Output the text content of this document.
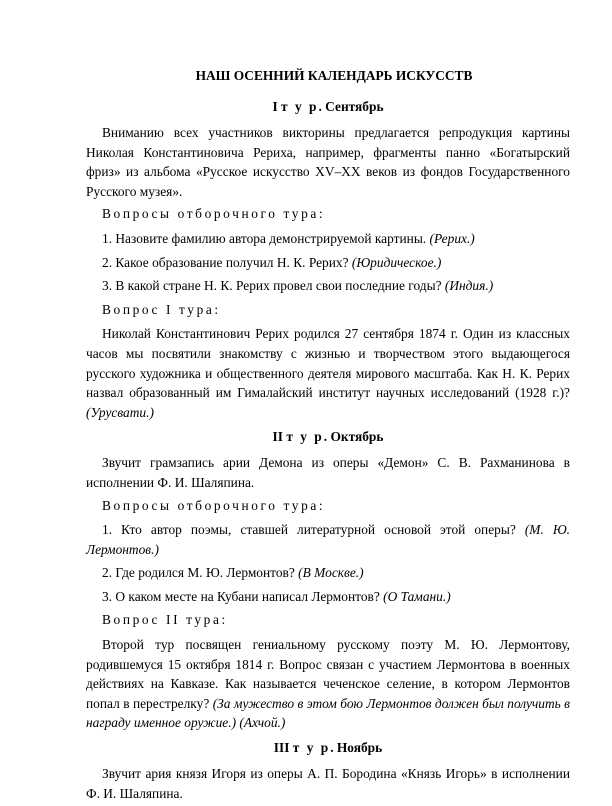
НАШ ОСЕННИЙ КАЛЕНДАРЬ ИСКУССТВ

I т у р. Сентябрь

Вниманию всех участников викторины предлагается репродукция картины Николая Константиновича Рериха, например, фрагменты панно «Богатырский фриз» из альбома «Русское искусство XV–XX веков из фондов Государственного Русского музея».

Вопросы отборочного тура:

1. Назовите фамилию автора демонстрируемой картины. (Рерих.)

2. Какое образование получил Н. К. Рерих? (Юридическое.)

3. В какой стране Н. К. Рерих провел свои последние годы? (Индия.)

Вопрос I тура:

Николай Константинович Рерих родился 27 сентября 1874 г. Один из классных часов мы посвятили знакомству с жизнью и творчеством этого выдающегося русского художника и общественного деятеля мирового масштаба. Как Н. К. Рерих назвал образованный им Гималайский институт научных исследований (1928 г.)? (Урусвати.)

II т у р. Октябрь

Звучит грамзапись арии Демона из оперы «Демон» С. В. Рахманинова в исполнении Ф. И. Шаляпина.

Вопросы отборочного тура:

1. Кто автор поэмы, ставшей литературной основой этой оперы? (М. Ю. Лермонтов.)

2. Где родился М. Ю. Лермонтов? (В Москве.)

3. О каком месте на Кубани написал Лермонтов? (О Тамани.)

Вопрос II тура:

Второй тур посвящен гениальному русскому поэту М. Ю. Лермонтову, родившемуся 15 октября 1814 г. Вопрос связан с участием Лермонтова в военных действиях на Кавказе. Как называется чеченское селение, в котором Лермонтов попал в перестрелку? (За мужество в этом бою Лермонтов должен был получить в награду именное оружие.) (Ахчой.)

III т у р. Ноябрь

Звучит ария князя Игоря из оперы А. П. Бородина «Князь Игорь» в исполнении Ф. И. Шаляпина.
